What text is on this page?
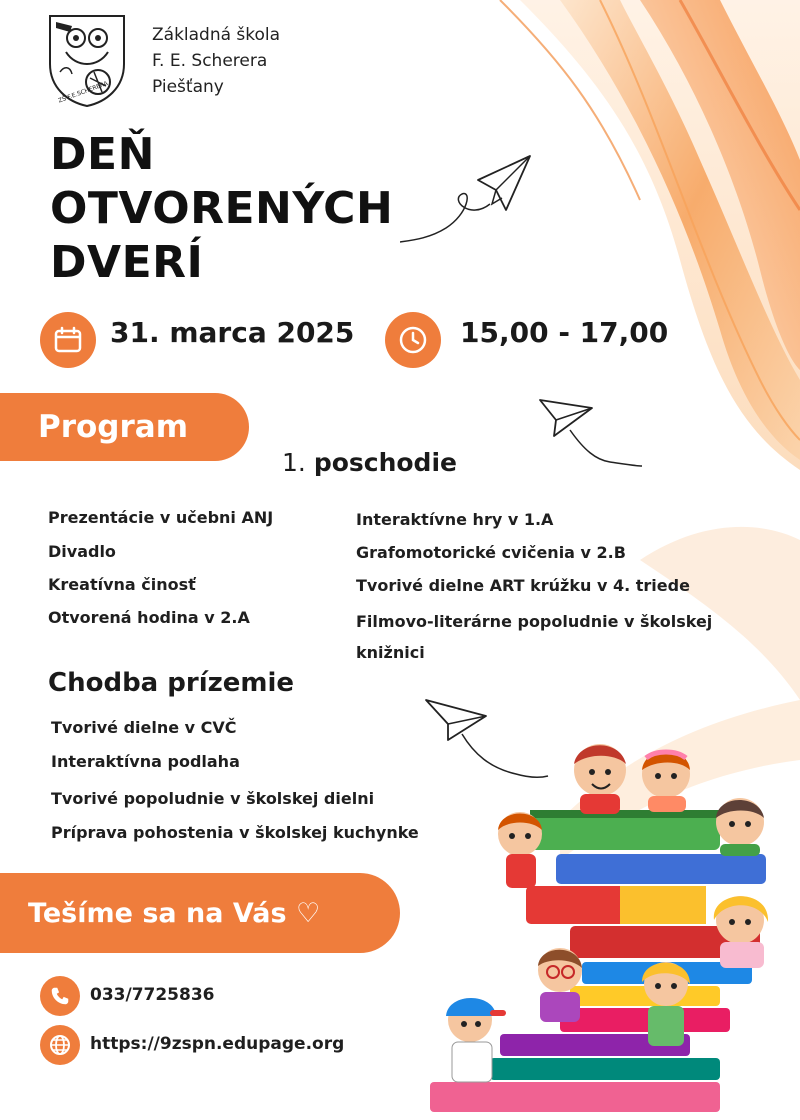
ZŠ F.E.SCHERERA
Základná škola
F. E. Scherera
Piešťany
DEŇ
OTVORENÝCH
DVERÍ
31. marca 2025	15,00 - 17,00
Program
1. poschodie
Prezentácie v učebni ANJ
Divadlo
Kreatívna činosť
Otvorená hodina v 2.A
Interaktívne hry v 1.A
Grafomotorické cvičenia v 2.B
Tvorivé dielne ART krúžku v 4. triede
Filmovo-literárne popoludnie v školskej knižnici
Chodba prízemie
Tvorivé dielne v CVČ
Interaktívna podlaha
Tvorivé popoludnie v školskej dielni
Príprava pohostenia v školskej kuchynke
Tešíme sa na Vás ♡
033/7725836
https://9zspn.edupage.org
